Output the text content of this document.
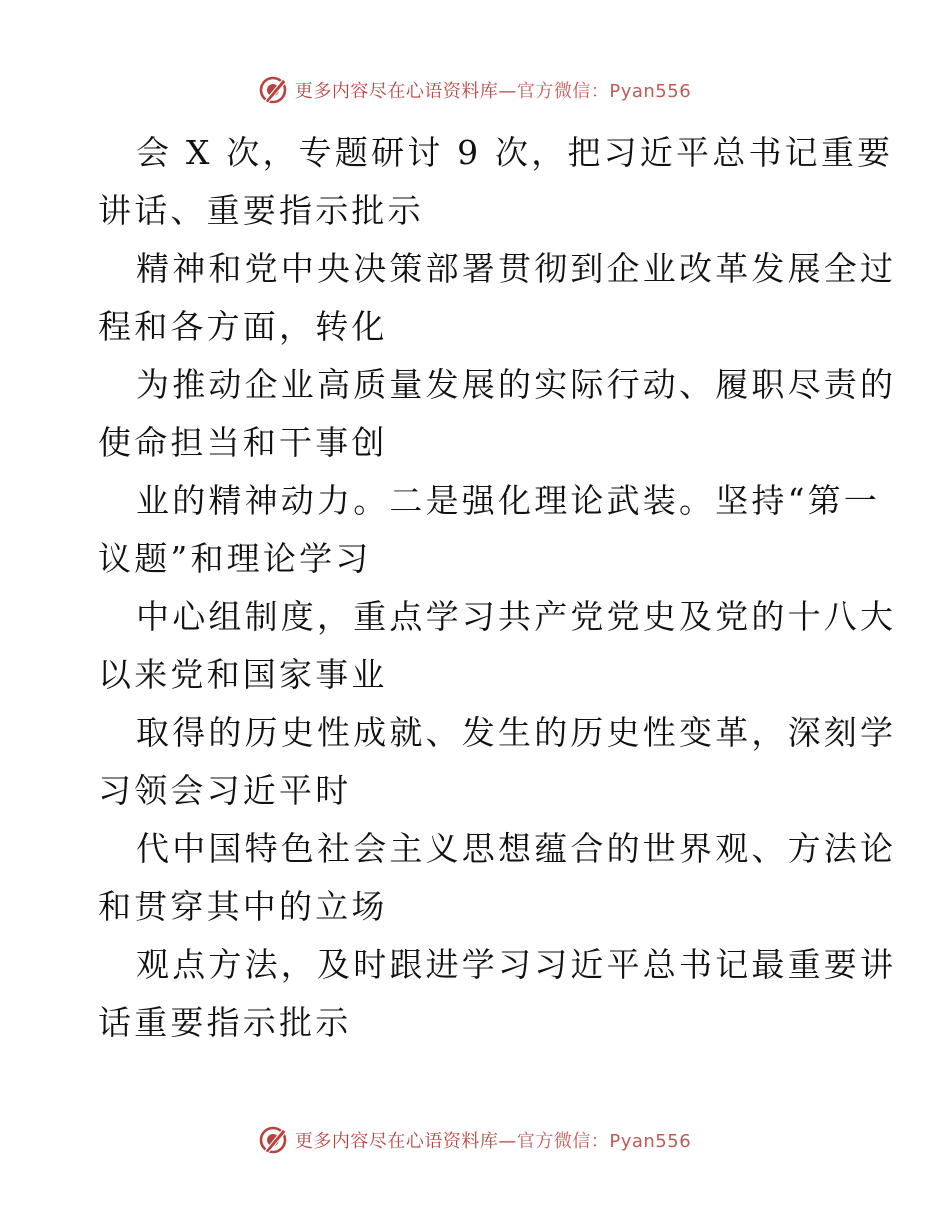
更多内容尽在心语资料库—官方微信：Pyan556
会 X 次，专题研讨 9 次，把习近平总书记重要
讲话、重要指示批示
精神和党中央决策部署贯彻到企业改革发展全过
程和各方面，转化
为推动企业高质量发展的实际行动、履职尽责的
使命担当和干事创
业的精神动力。二是强化理论武装。坚持“第一
议题”和理论学习
中心组制度，重点学习共产党党史及党的十八大
以来党和国家事业
取得的历史性成就、发生的历史性变革，深刻学
习领会习近平时
代中国特色社会主义思想蕴合的世界观、方法论
和贯穿其中的立场
观点方法，及时跟进学习习近平总书记最重要讲
话重要指示批示
更多内容尽在心语资料库—官方微信：Pyan556
